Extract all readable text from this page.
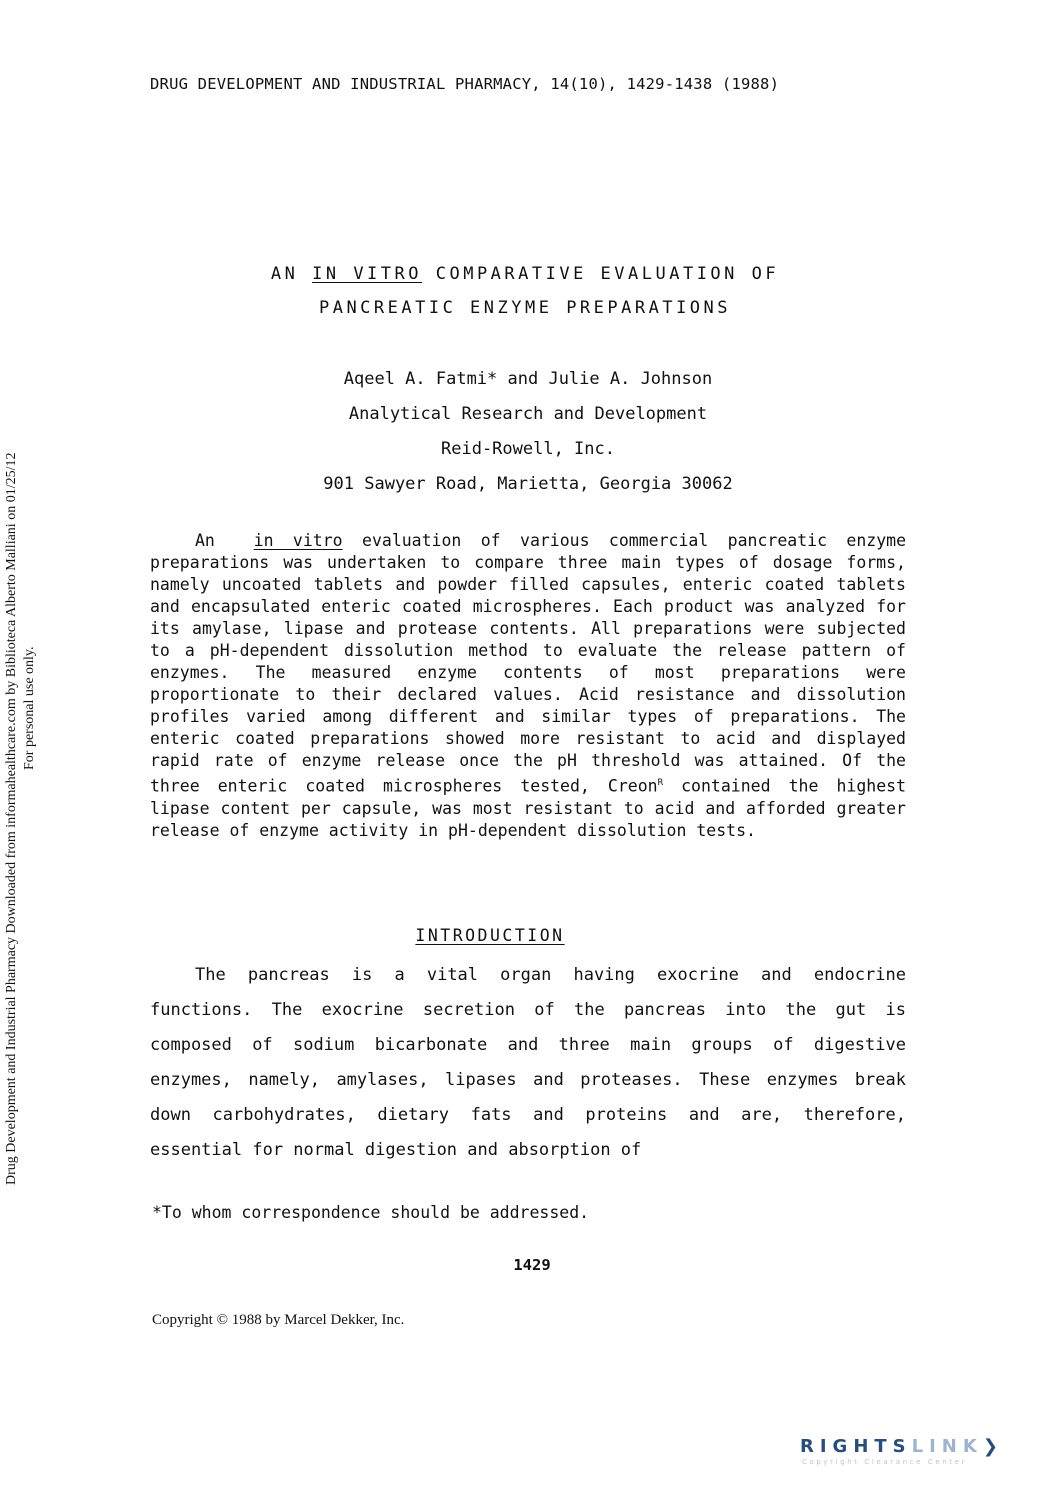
DRUG DEVELOPMENT AND INDUSTRIAL PHARMACY, 14(10), 1429-1438 (1988)
AN IN VITRO COMPARATIVE EVALUATION OF
PANCREATIC ENZYME PREPARATIONS
Aqeel A. Fatmi* and Julie A. Johnson
Analytical Research and Development
Reid-Rowell, Inc.
901 Sawyer Road, Marietta, Georgia 30062
An in vitro evaluation of various commercial pancreatic enzyme preparations was undertaken to compare three main types of dosage forms, namely uncoated tablets and powder filled capsules, enteric coated tablets and encapsulated enteric coated microspheres. Each product was analyzed for its amylase, lipase and protease contents. All preparations were subjected to a pH-dependent dissolution method to evaluate the release pattern of enzymes. The measured enzyme contents of most preparations were proportionate to their declared values. Acid resistance and dissolution profiles varied among different and similar types of preparations. The enteric coated preparations showed more resistant to acid and displayed rapid rate of enzyme release once the pH threshold was attained. Of the three enteric coated microspheres tested, Creon$^R$ contained the highest lipase content per capsule, was most resistant to acid and afforded greater release of enzyme activity in pH-dependent dissolution tests.
INTRODUCTION
The pancreas is a vital organ having exocrine and endocrine functions. The exocrine secretion of the pancreas into the gut is composed of sodium bicarbonate and three main groups of digestive enzymes, namely, amylases, lipases and proteases. These enzymes break down carbohydrates, dietary fats and proteins and are, therefore, essential for normal digestion and absorption of
*To whom correspondence should be addressed.
1429
Copyright © 1988 by Marcel Dekker, Inc.
Drug Development and Industrial Pharmacy Downloaded from informahealthcare.com by Biblioteca Alberto Malliani on 01/25/12 For personal use only.
RIGHTSLINK❯
Copyright Clearance Center
